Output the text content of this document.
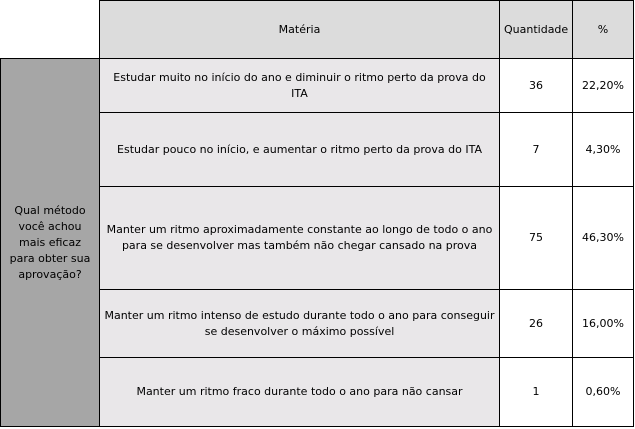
	Matéria	Quantidade	%
Qual método você achou mais eficaz para obter sua aprovação?	Estudar muito no início do ano e diminuir o ritmo perto da prova do ITA	36	22,20%
	Estudar pouco no início, e aumentar o ritmo perto da prova do ITA	7	4,30%
	Manter um ritmo aproximadamente constante ao longo de todo o ano para se desenvolver mas também não chegar cansado na prova	75	46,30%
	Manter um ritmo intenso de estudo durante todo o ano para conseguir se desenvolver o máximo possível	26	16,00%
	Manter um ritmo fraco durante todo o ano para não cansar	1	0,60%
